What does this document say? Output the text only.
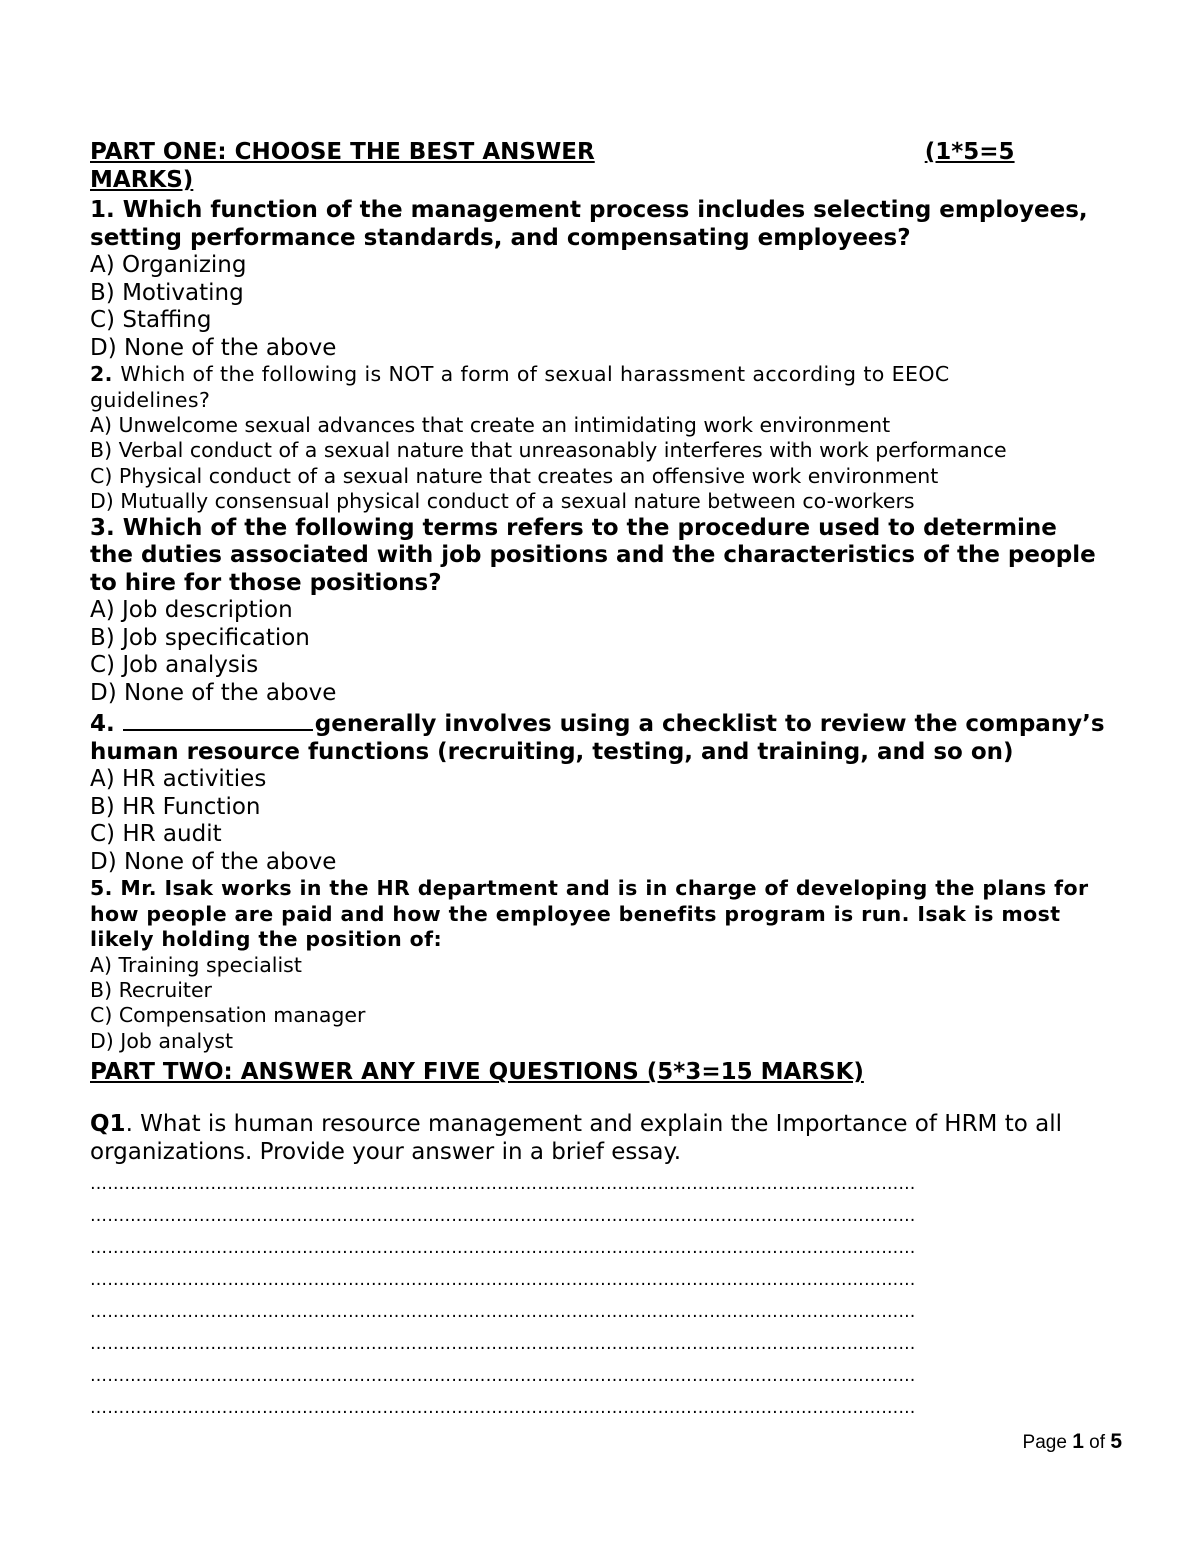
PART ONE: CHOOSE THE BEST ANSWER	(1*5=5
MARKS)
1. Which function of the management process includes selecting employees,
setting performance standards, and compensating employees?
A) Organizing
B) Motivating
C) Staffing
D) None of the above
2. Which of the following is NOT a form of sexual harassment according to EEOC
guidelines?
A) Unwelcome sexual advances that create an intimidating work environment
B) Verbal conduct of a sexual nature that unreasonably interferes with work performance
C) Physical conduct of a sexual nature that creates an offensive work environment
D) Mutually consensual physical conduct of a sexual nature between co-workers
3. Which of the following terms refers to the procedure used to determine
the duties associated with job positions and the characteristics of the people
to hire for those positions?
A) Job description
B) Job specification
C) Job analysis
D) None of the above
4.	generally involves using a checklist to review the company’s
human resource functions (recruiting, testing, and training, and so on)
A) HR activities
B) HR Function
C) HR audit
D) None of the above
5. Mr. Isak works in the HR department and is in charge of developing the plans for
how people are paid and how the employee benefits program is run. Isak is most
likely holding the position of:
A) Training specialist
B) Recruiter
C) Compensation manager
D) Job analyst
PART TWO: ANSWER ANY FIVE QUESTIONS (5*3=15 MARSK)
Q1. What is human resource management and explain the Importance of HRM to all
organizations. Provide your answer in a brief essay.
………………………………………………………………………………………………………………………………
………………………………………………………………………………………………………………………………
………………………………………………………………………………………………………………………………
………………………………………………………………………………………………………………………………
………………………………………………………………………………………………………………………………
………………………………………………………………………………………………………………………………
………………………………………………………………………………………………………………………………
………………………………………………………………………………………………………………………………
Page 1 of 5
